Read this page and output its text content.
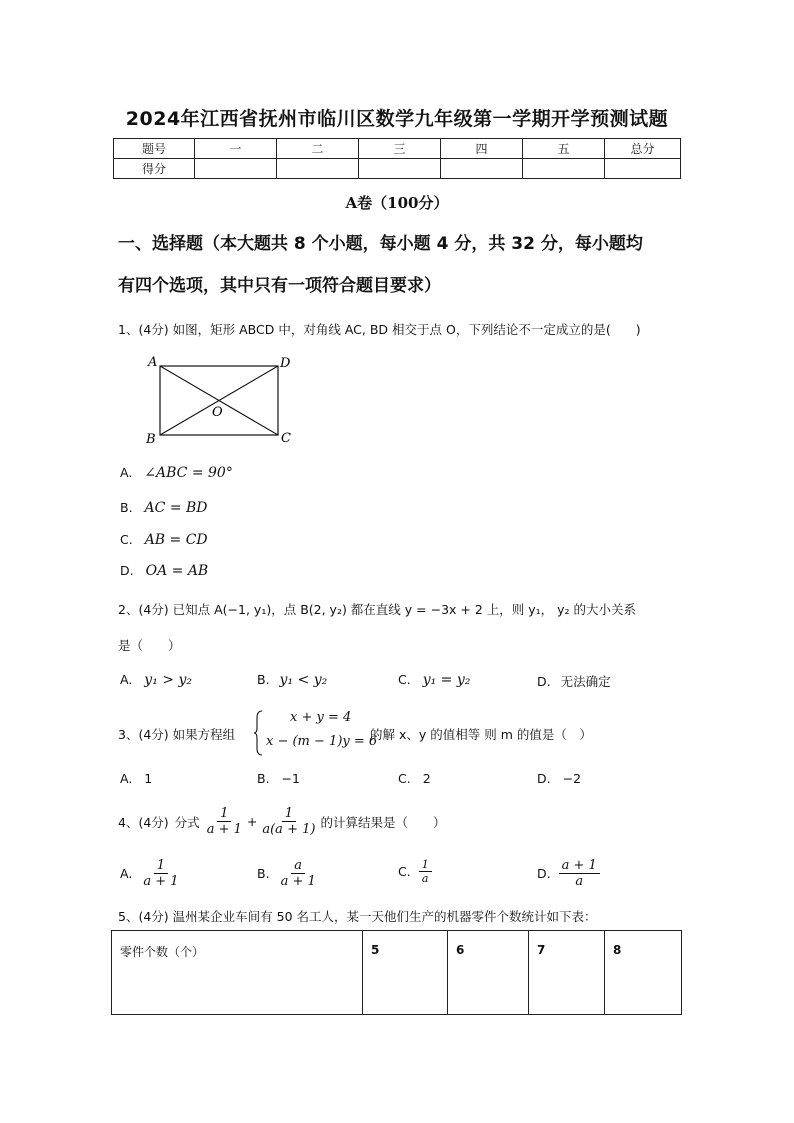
2024年江西省抚州市临川区数学九年级第一学期开学预测试题
题号	一	二	三	四	五	总分
得分						
A卷（100分）
一、选择题（本大题共 8 个小题，每小题 4 分，共 32 分，每小题均
有四个选项，其中只有一项符合题目要求）
1、(4分) 如图，矩形 ABCD 中，对角线 AC, BD 相交于点 O，下列结论不一定成立的是(　　)
A	D
O
B	C
A. ∠ABC = 90°
B. AC = BD
C. AB = CD
D. OA = AB
2、(4分) 已知点 A(−1, y₁)，点 B(2, y₂) 都在直线 y = −3x + 2 上，则 y₁， y₂ 的大小关系
是（　　）
A. y₁ > y₂	B. y₁ < y₂	C. y₁ = y₂	D. 无法确定
3、(4分) 如果方程组
x + y = 4
x − (m − 1)y = 6
的解 x、y 的值相等 则 m 的值是（　）
A. 1	B. −1	C. 2	D. −2
4、(4分) 分式 $\frac{1}{a + 1} + \frac{1}{a(a + 1)}$ 的计算结果是（　　）
A. $\frac{1}{a + 1}$	B. $\frac{a}{a + 1}$	C. $\frac{1}{a}$	D. $\frac{a + 1}{a}$
5、(4分) 温州某企业车间有 50 名工人，某一天他们生产的机器零件个数统计如下表：
零件个数（个）	5	6	7	8
